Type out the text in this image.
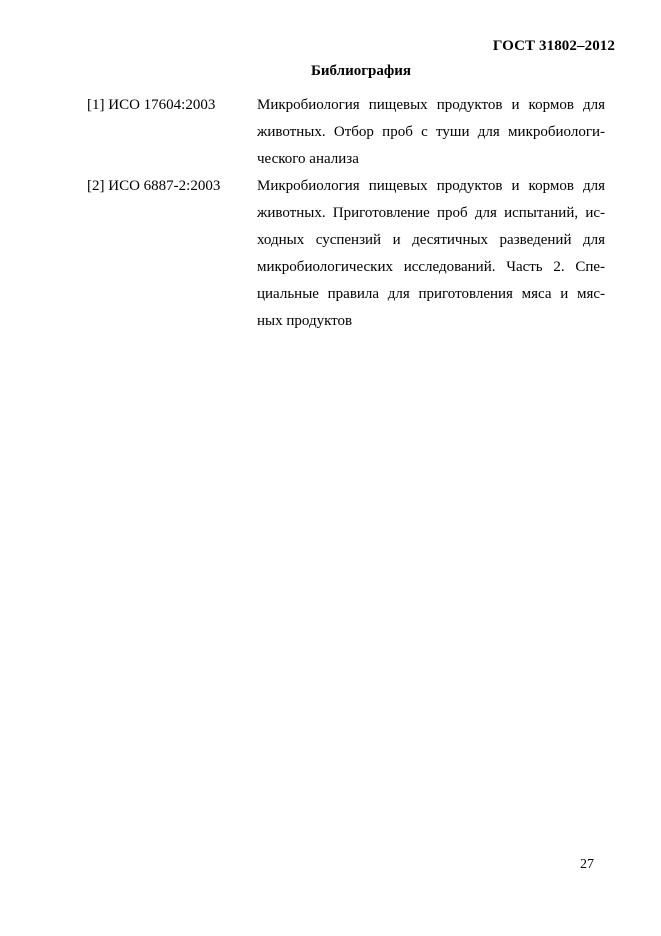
ГОСТ 31802–2012
Библиография
[1] ИСО 17604:2003	Микробиология пищевых продуктов и кормов для
животных. Отбор проб с туши для микробиологи-
ческого анализа
[2] ИСО 6887-2:2003 Микробиология пищевых продуктов и кормов для
животных. Приготовление проб для испытаний, ис-
ходных суспензий и десятичных разведений для
микробиологических исследований. Часть 2. Спе-
циальные правила для приготовления мяса и мяс-
ных продуктов
27
